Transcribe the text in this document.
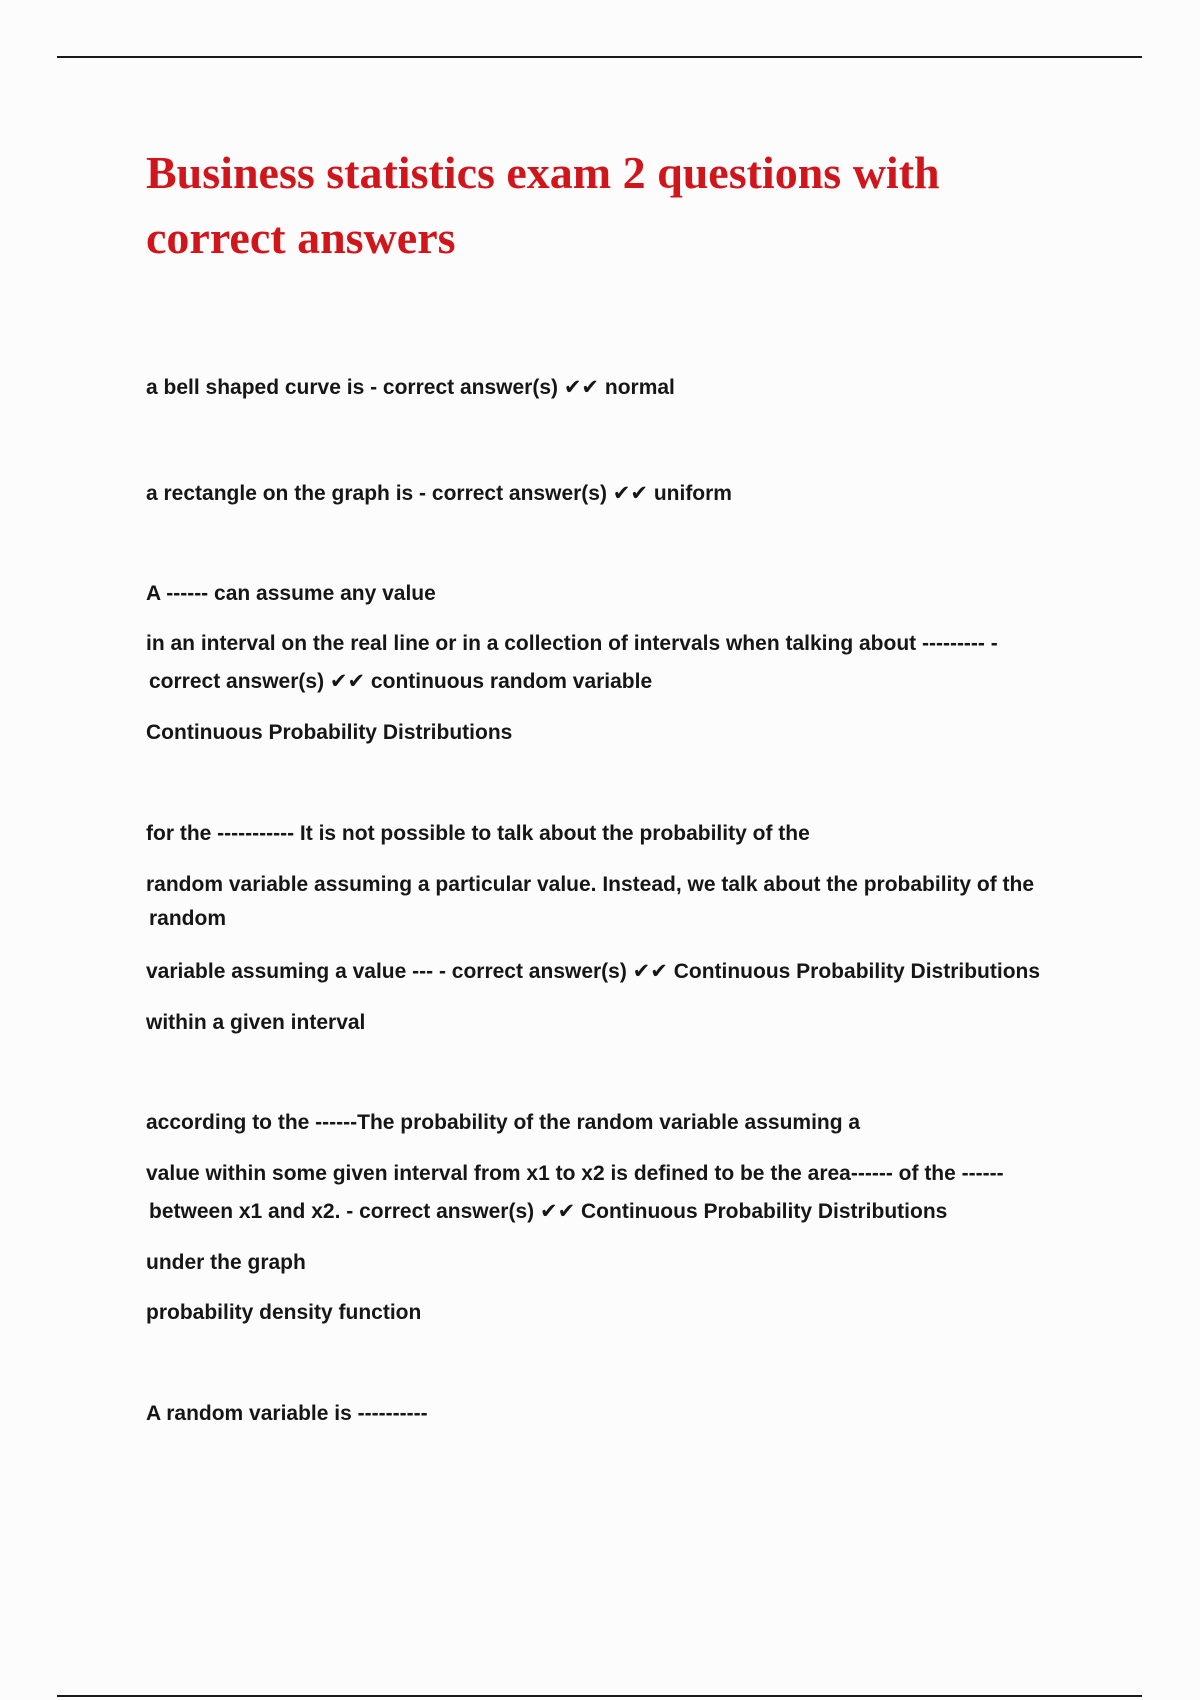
Business statistics exam 2 questions with
correct answers

a bell shaped curve is - correct answer(s) ✔✔ normal

a rectangle on the graph is - correct answer(s) ✔✔ uniform

A ------ can assume any value

in an interval on the real line or in a collection of intervals when talking about --------- -

correct answer(s) ✔✔ continuous random variable

Continuous Probability Distributions

for the ----------- It is not possible to talk about the probability of the

random variable assuming a particular value. Instead, we talk about the probability of the

random

variable assuming a value --- - correct answer(s) ✔✔ Continuous Probability Distributions

within a given interval

according to the ------The probability of the random variable assuming a

value within some given interval from x1 to x2 is defined to be the area------ of the ------

between x1 and x2. - correct answer(s) ✔✔ Continuous Probability Distributions

under the graph

probability density function

A random variable is ----------
